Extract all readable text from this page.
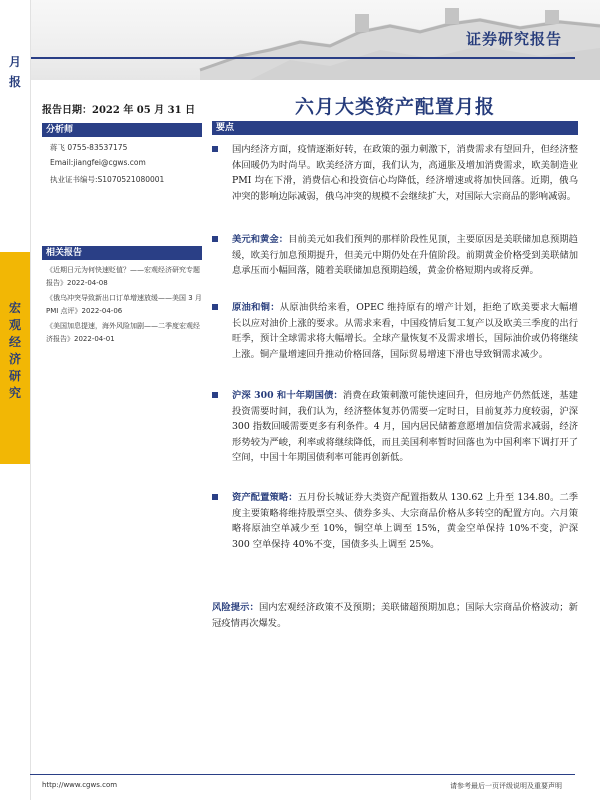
证券研究报告
月
报
宏
观
经
济
研
究
报告日期：2022 年 05 月 31 日	六月大类资产配置月报
分析师
蒋飞 0755-83537175
Email:jiangfei@cgws.com
执业证书编号:S1070521080001
相关报告
《近期日元为何快速贬值？——宏观经济研究专题报告》2022-04-08
《俄乌冲突导致新出口订单增速放缓——美国 3 月 PMI 点评》2022-04-06
《美国加息提速，海外风险加剧——二季度宏观经济报告》2022-04-01
要点
国内经济方面，疫情逐渐好转，在政策的强力刺激下，消费需求有望回升，但经济整体回暖仍为时尚早。欧美经济方面，我们认为，高通胀及增加消费需求，欧美制造业 PMI 均在下滑，消费信心和投资信心均降低，经济增速或将加快回落。近期，俄乌冲突的影响边际减弱，俄乌冲突的规模不会继续扩大，对国际大宗商品的影响减弱。
美元和黄金：目前美元如我们预判的那样阶段性见顶，主要原因是美联储加息预期趋缓，欧美行加息预期提升，但美元中期仍处在升值阶段。前期黄金价格受到美联储加息承压而小幅回落，随着美联储加息预期趋缓，黄金价格短期内或将反弹。
原油和铜：从原油供给来看，OPEC 维持原有的增产计划，拒绝了欧美要求大幅增长以应对油价上涨的要求。从需求来看，中国疫情后复工复产以及欧美三季度的出行旺季，预计全球需求将大幅增长。全球产量恢复不及需求增长，国际油价或仍将继续上涨。铜产量增速回升推动价格回落，国际贸易增速下滑也导致铜需求减少。
沪深 300 和十年期国债：消费在政策刺激可能快速回升，但房地产仍然低迷，基建投资需要时间，我们认为，经济整体复苏仍需要一定时日，目前复苏力度较弱，沪深 300 指数回暖需要更多有利条件。4 月，国内居民储蓄意愿增加信贷需求减弱，经济形势较为严峻，利率或将继续降低，而且美国利率暂时回落也为中国利率下调打开了空间，中国十年期国债利率可能再创新低。
资产配置策略：五月份长城证券大类资产配置指数从 130.62 上升至 134.80。二季度主要策略将维持股票空头、债券多头、大宗商品价格从多转空的配置方向。六月策略将原油空单减少至 10%，铜空单上调至 15%，黄金空单保持 10%不变，沪深 300 空单保持 40%不变，国债多头上调至 25%。
风险提示：国内宏观经济政策不及预期；美联储超预期加息；国际大宗商品价格波动；新冠疫情再次爆发。
http://www.cgws.com	请参考最后一页评级说明及重要声明
